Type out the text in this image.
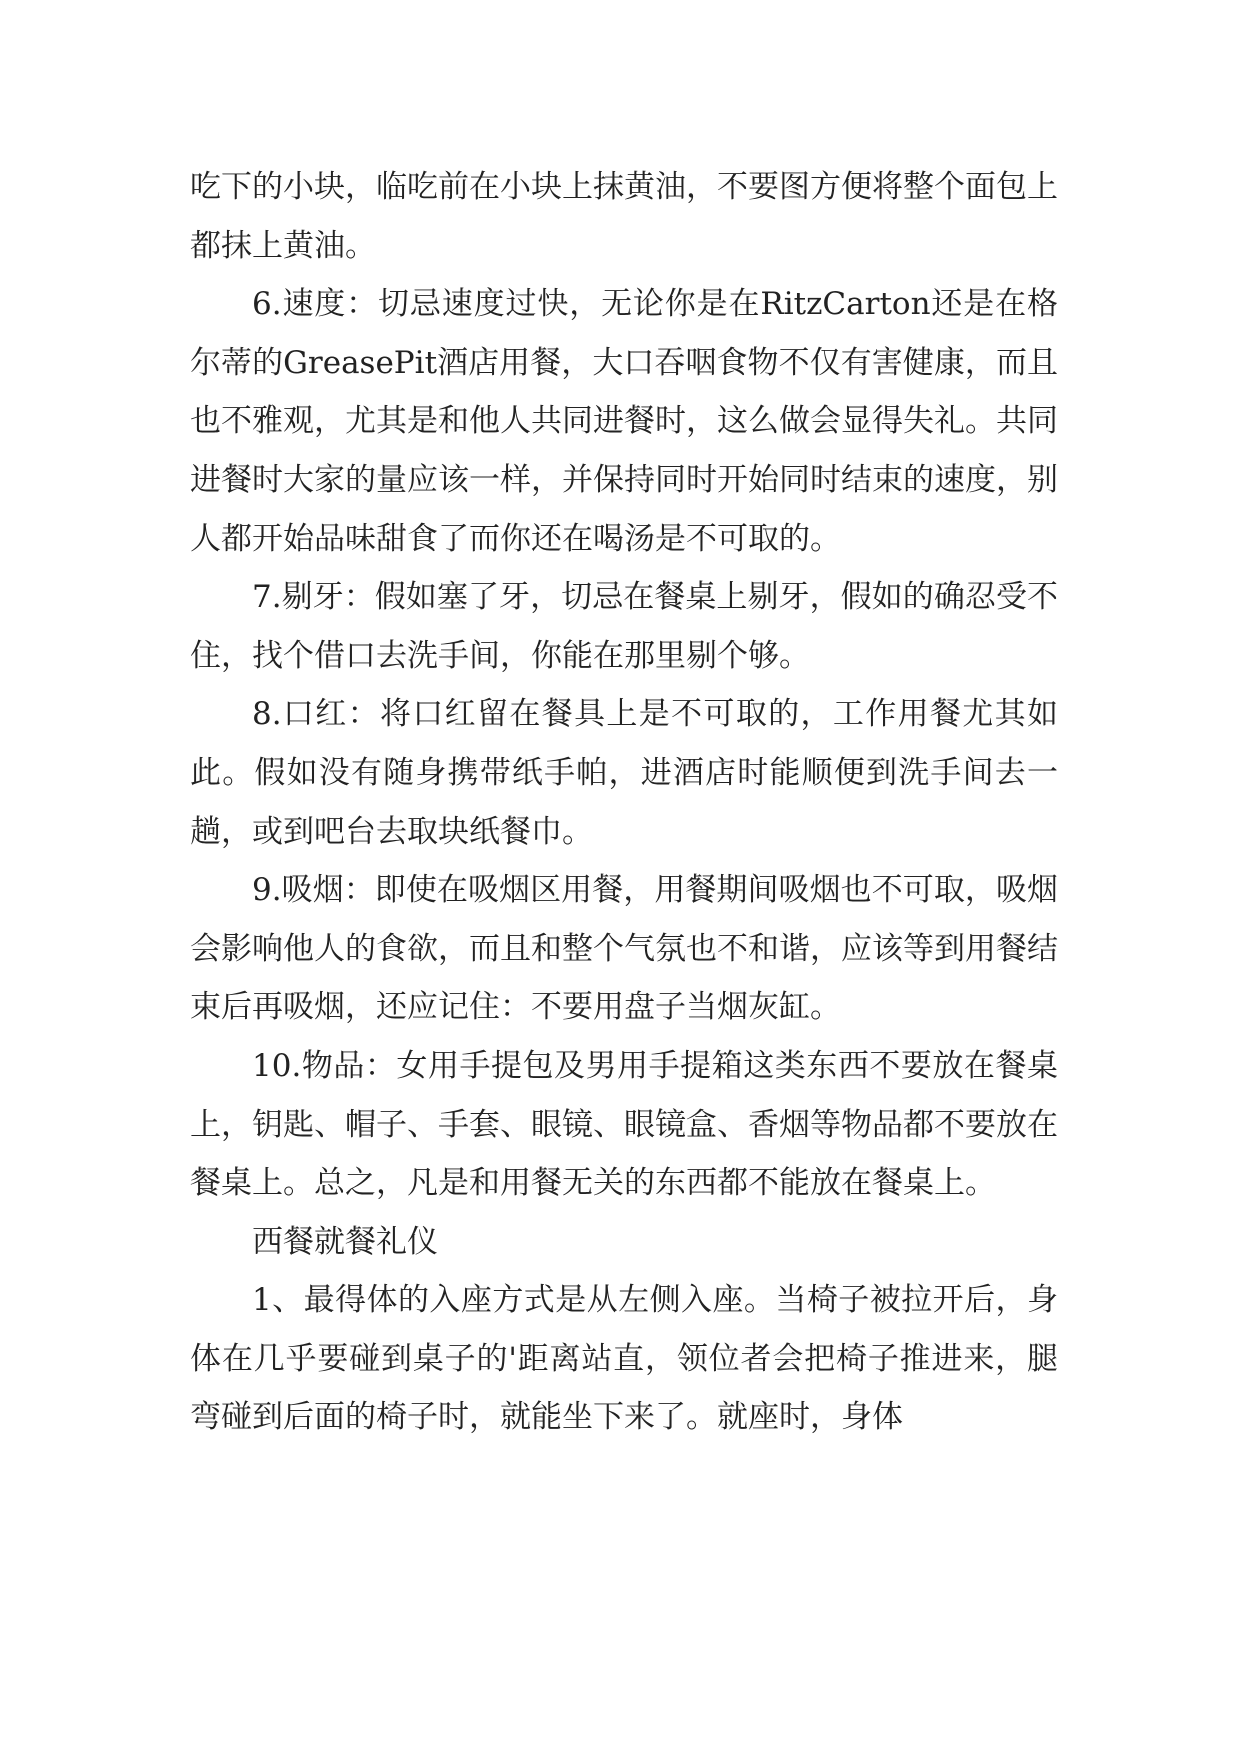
吃下的小块，临吃前在小块上抹黄油，不要图方便将整个面包上都抹上黄油。

6.速度：切忌速度过快，无论你是在RitzCarton还是在格尔蒂的GreasePit酒店用餐，大口吞咽食物不仅有害健康，而且也不雅观，尤其是和他人共同进餐时，这么做会显得失礼。共同进餐时大家的量应该一样，并保持同时开始同时结束的速度，别人都开始品味甜食了而你还在喝汤是不可取的。

7.剔牙：假如塞了牙，切忌在餐桌上剔牙，假如的确忍受不住，找个借口去洗手间，你能在那里剔个够。

8.口红：将口红留在餐具上是不可取的，工作用餐尤其如此。假如没有随身携带纸手帕，进酒店时能顺便到洗手间去一趟，或到吧台去取块纸餐巾。

9.吸烟：即使在吸烟区用餐，用餐期间吸烟也不可取，吸烟会影响他人的食欲，而且和整个气氛也不和谐，应该等到用餐结束后再吸烟，还应记住：不要用盘子当烟灰缸。

10.物品：女用手提包及男用手提箱这类东西不要放在餐桌上，钥匙、帽子、手套、眼镜、眼镜盒、香烟等物品都不要放在餐桌上。总之，凡是和用餐无关的东西都不能放在餐桌上。

西餐就餐礼仪

1、最得体的入座方式是从左侧入座。当椅子被拉开后，身体在几乎要碰到桌子的'距离站直，领位者会把椅子推进来，腿弯碰到后面的椅子时，就能坐下来了。就座时，身体
